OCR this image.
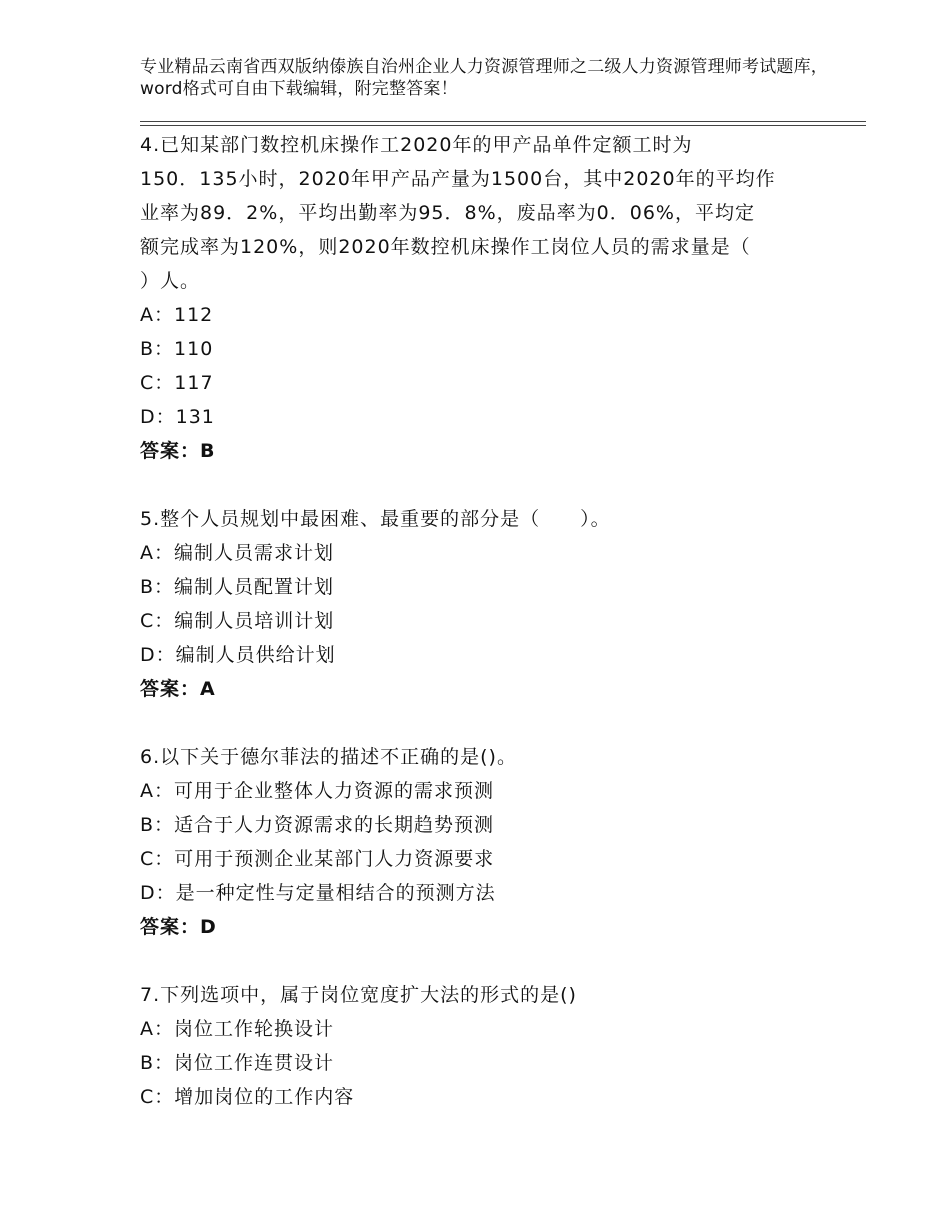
专业精品云南省西双版纳傣族自治州企业人力资源管理师之二级人力资源管理师考试题库，word格式可自由下载编辑，附完整答案！

4.已知某部门数控机床操作工2020年的甲产品单件定额工时为

150．135小时，2020年甲产品产量为1500台，其中2020年的平均作

业率为89．2%，平均出勤率为95．8%，废品率为0．06%，平均定

额完成率为120%，则2020年数控机床操作工岗位人员的需求量是（

）人。

A：112

B：110

C：117

D：131

答案：B

5.整个人员规划中最困难、最重要的部分是（　　）。

A：编制人员需求计划

B：编制人员配置计划

C：编制人员培训计划

D：编制人员供给计划

答案：A

6.以下关于德尔菲法的描述不正确的是()。

A：可用于企业整体人力资源的需求预测

B：适合于人力资源需求的长期趋势预测

C：可用于预测企业某部门人力资源要求

D：是一种定性与定量相结合的预测方法

答案：D

7.下列选项中，属于岗位宽度扩大法的形式的是()

A：岗位工作轮换设计

B：岗位工作连贯设计

C：增加岗位的工作内容
